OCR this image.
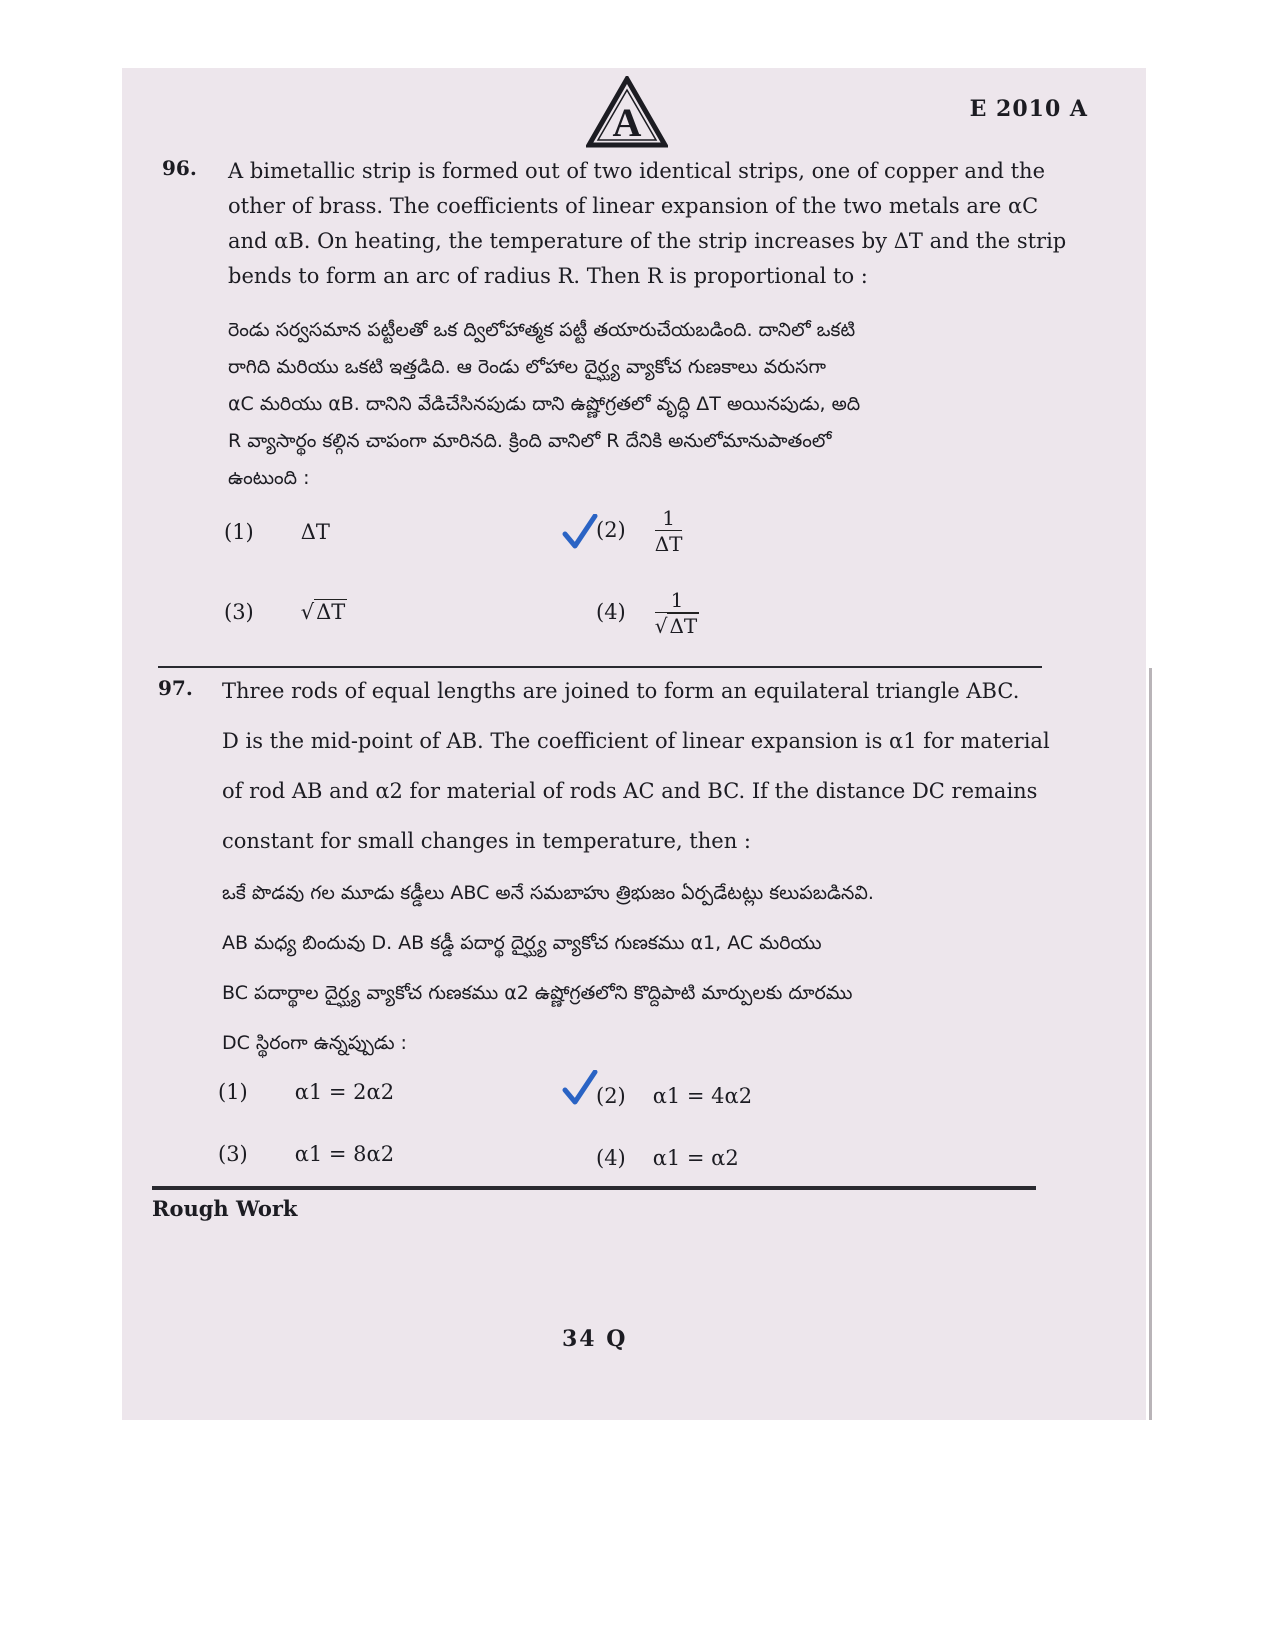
A	E 2010 A
96. A bimetallic strip is formed out of two identical strips, one of copper and the
other of brass. The coefficients of linear expansion of the two metals are αC
and αB. On heating, the temperature of the strip increases by ΔT and the strip
bends to form an arc of radius R. Then R is proportional to :
రెండు సర్వసమాన పట్టీలతో ఒక ద్విలోహాత్మక పట్టీ తయారుచేయబడింది. దానిలో ఒకటి
రాగిది మరియు ఒకటి ఇత్తడిది. ఆ రెండు లోహాల దైర్ఘ్య వ్యాకోచ గుణకాలు వరుసగా
αC మరియు αB. దానిని వేడిచేసినపుడు దాని ఉష్ణోగ్రతలో వృద్ధి ΔT అయినపుడు, అది
R వ్యాసార్థం కల్గిన చాపంగా మారినది. క్రింది వానిలో R దేనికి అనులోమానుపాతంలో
ఉంటుంది :
(1) ΔT	$(2) \frac{1}{\Delta T}$
(3) √ΔT	$(4) \frac{1}{√ \Delta T}$
97. Three rods of equal lengths are joined to form an equilateral triangle ABC.
D is the mid-point of AB. The coefficient of linear expansion is α1 for material
of rod AB and α2 for material of rods AC and BC. If the distance DC remains
constant for small changes in temperature, then :
ఒకే పొడవు గల మూడు కడ్డీలు ABC అనే సమబాహు త్రిభుజం ఏర్పడేటట్లు కలుపబడినవి.
AB మధ్య బిందువు D. AB కడ్డీ పదార్థ దైర్ఘ్య వ్యాకోచ గుణకము α1, AC మరియు
BC పదార్థాల దైర్ఘ్య వ్యాకోచ గుణకము α2 ఉష్ణోగ్రతలోని కొద్దిపాటి మార్పులకు దూరము
DC స్థిరంగా ఉన్నప్పుడు :
(1) α1 = 2α2	(2) α1 = 4α2
(3) α1 = 8α2	(4) α1 = α2
Rough Work
34 Q
